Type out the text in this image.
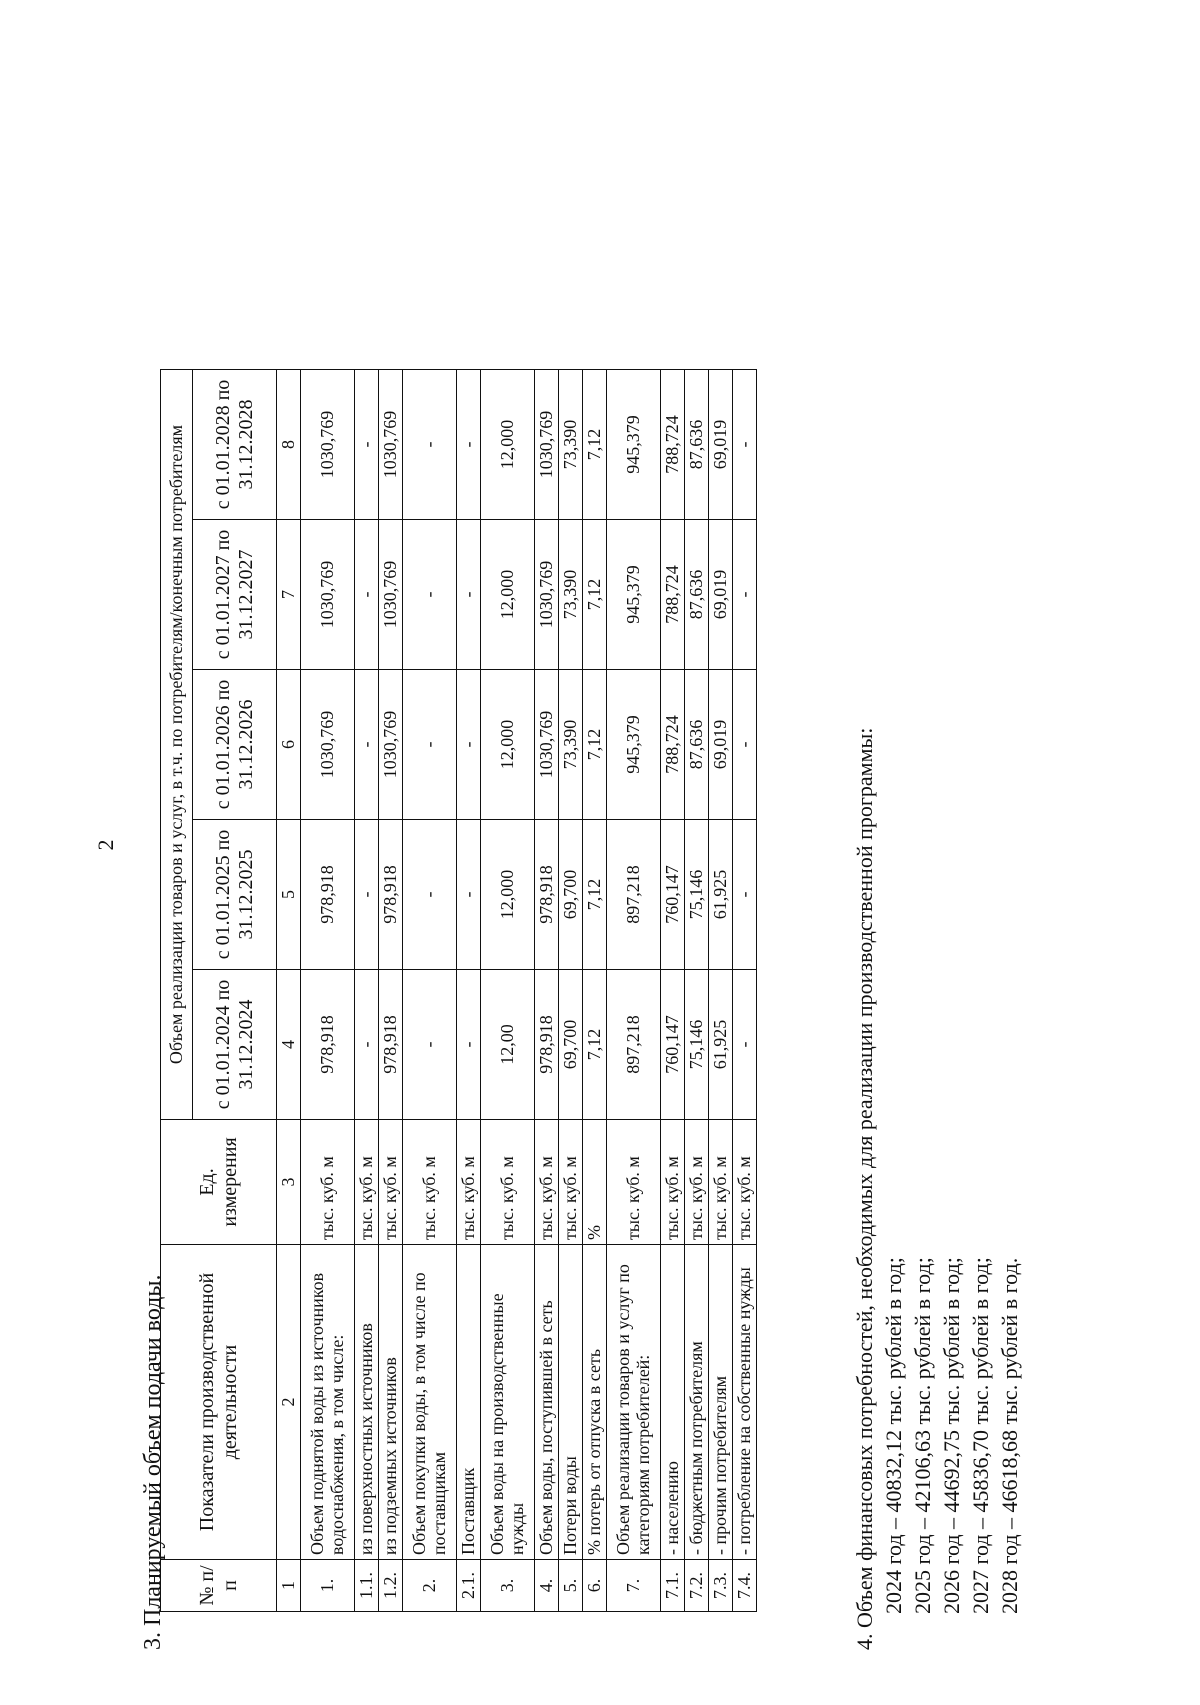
2
3. Планируемый объем подачи воды. № п/п	Показатели производственной деятельности	Ед. измерения	Объем реализации товаров и услуг, в т.ч. по потребителям/конечным потребителям				
			с 01.01.2024 по 31.12.2024	с 01.01.2025 по 31.12.2025	с 01.01.2026 по 31.12.2026	с 01.01.2027 по 31.12.2027	с 01.01.2028 по 31.12.2028
1	2	3	4	5	6	7	8
1.	Объем поднятой воды из источников водоснабжения, в том числе:	тыс. куб. м	978,918	978,918	1030,769	1030,769	1030,769
1.1.	из поверхностных источников	тыс. куб. м	-	-	-	-	-
1.2.	из подземных источников	тыс. куб. м	978,918	978,918	1030,769	1030,769	1030,769
2.	Объем покупки воды, в том числе по поставщикам	тыс. куб. м	-	-	-	-	-
2.1.	Поставщик	тыс. куб. м	-	-	-	-	-
3.	Объем воды на производственные нужды	тыс. куб. м	12,00	12,000	12,000	12,000	12,000
4.	Объем воды, поступившей в сеть	тыс. куб. м	978,918	978,918	1030,769	1030,769	1030,769
5.	Потери воды	тыс. куб. м	69,700	69,700	73,390	73,390	73,390
6.	% потерь от отпуска в сеть	%	7,12	7,12	7,12	7,12	7,12
7.	Объем реализации товаров и услуг по категориям потребителей:	тыс. куб. м	897,218	897,218	945,379	945,379	945,379
7.1.	- населению	тыс. куб. м	760,147	760,147	788,724	788,724	788,724
7.2.	- бюджетным потребителям	тыс. куб. м	75,146	75,146	87,636	87,636	87,636
7.3.	- прочим потребителям	тыс. куб. м	61,925	61,925	69,019	69,019	69,019
7.4.	- потребление на собственные нужды	тыс. куб. м	-	-	-	-	-
4. Объем финансовых потребностей, необходимых для реализации производственной программы: 2024 год – 40832,12 тыс. рублей в год; 2025 год – 42106,63 тыс. рублей в год; 2026 год – 44692,75 тыс. рублей в год; 2027 год – 45836,70 тыс. рублей в год; 2028 год – 46618,68 тыс. рублей в год.
